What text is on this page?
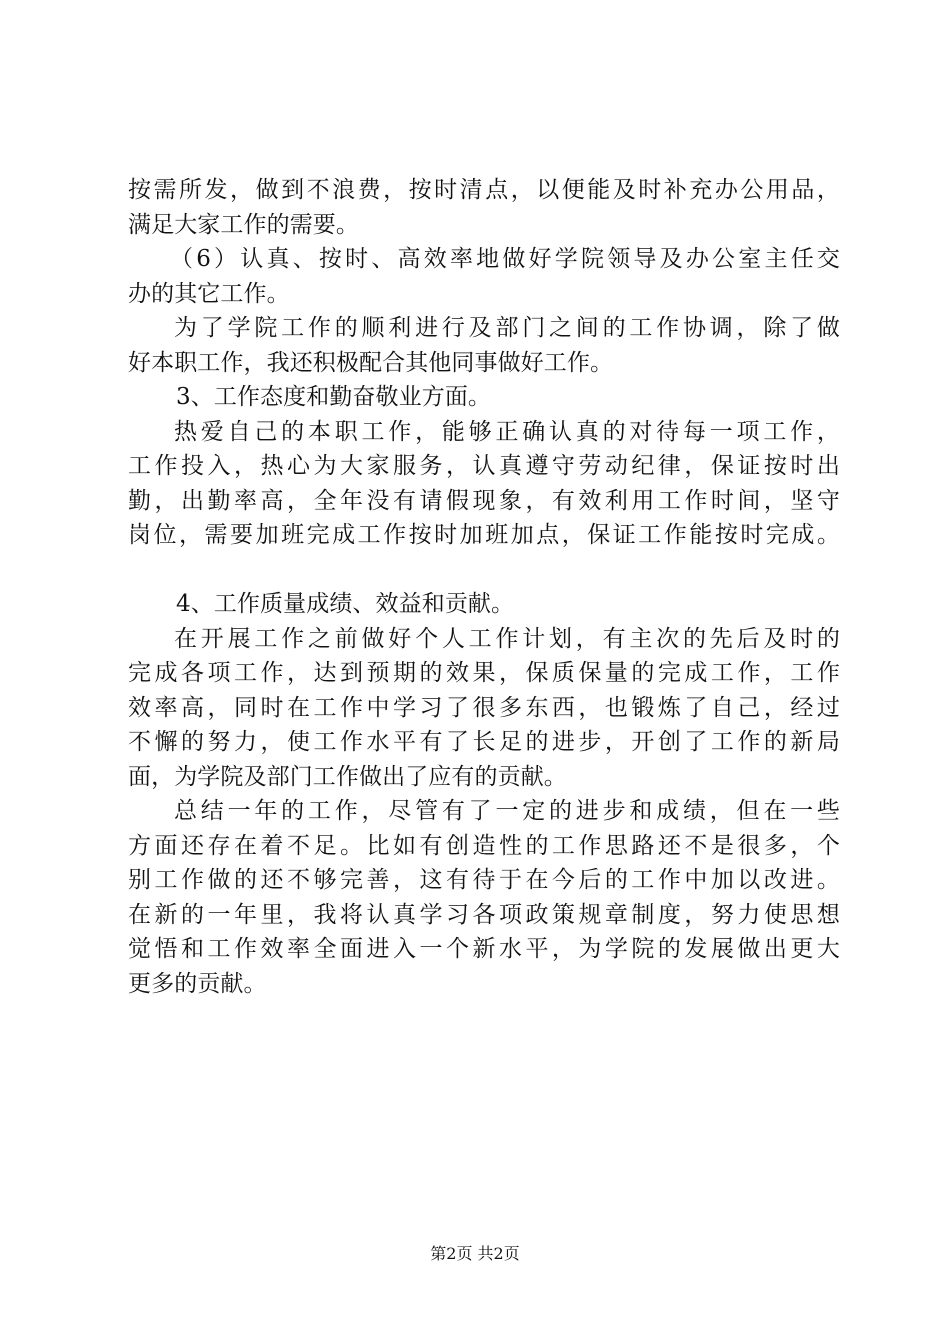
按需所发，做到不浪费，按时清点，以便能及时补充办公用品，
满足大家工作的需要。
（6）认真、按时、高效率地做好学院领导及办公室主任交
办的其它工作。
为了学院工作的顺利进行及部门之间的工作协调，除了做
好本职工作，我还积极配合其他同事做好工作。
3、工作态度和勤奋敬业方面。
热爱自己的本职工作，能够正确认真的对待每一项工作，
工作投入，热心为大家服务，认真遵守劳动纪律，保证按时出
勤，出勤率高，全年没有请假现象，有效利用工作时间，坚守
岗位，需要加班完成工作按时加班加点，保证工作能按时完成。
4、工作质量成绩、效益和贡献。
在开展工作之前做好个人工作计划，有主次的先后及时的
完成各项工作，达到预期的效果，保质保量的完成工作，工作
效率高，同时在工作中学习了很多东西，也锻炼了自己，经过
不懈的努力，使工作水平有了长足的进步，开创了工作的新局
面，为学院及部门工作做出了应有的贡献。
总结一年的工作，尽管有了一定的进步和成绩，但在一些
方面还存在着不足。比如有创造性的工作思路还不是很多，个
别工作做的还不够完善，这有待于在今后的工作中加以改进。
在新的一年里，我将认真学习各项政策规章制度，努力使思想
觉悟和工作效率全面进入一个新水平，为学院的发展做出更大
更多的贡献。
第2页 共2页
